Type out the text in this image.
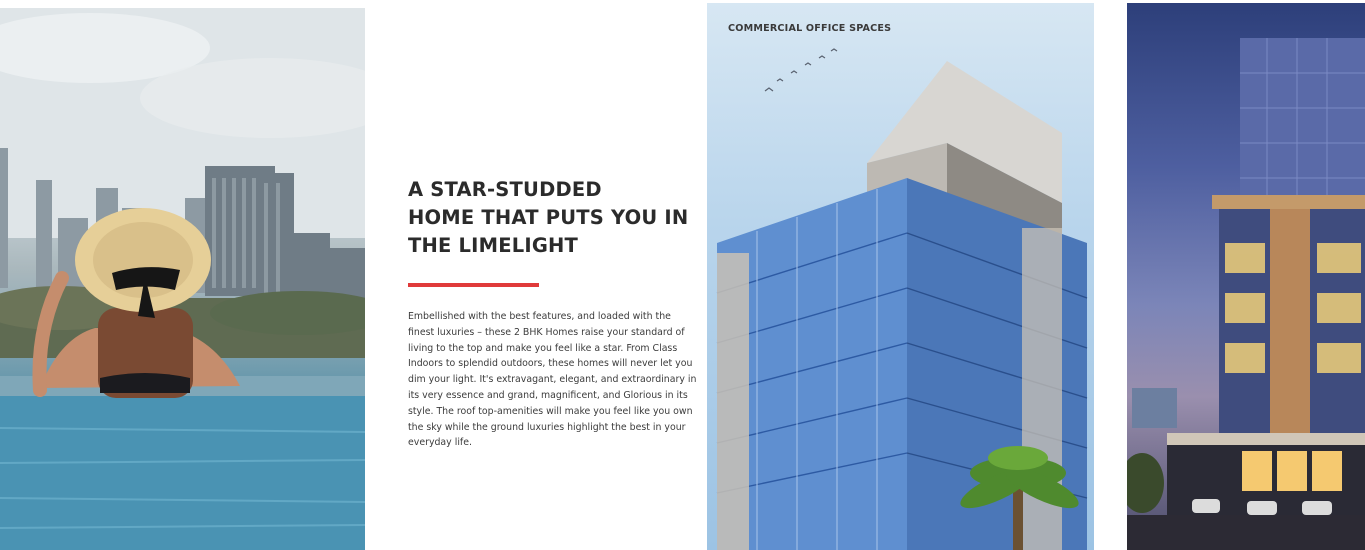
A STAR-STUDDED
HOME THAT PUTS YOU IN
THE LIMELIGHT

Embellished with the best features, and loaded with the
finest luxuries – these 2 BHK Homes raise your standard of
living to the top and make you feel like a star. From Class
Indoors to splendid outdoors, these homes will never let you
dim your light. It's extravagant, elegant, and extraordinary in
its very essence and grand, magnificent, and Glorious in its
style. The roof top-amenities will make you feel like you own
the sky while the ground luxuries highlight the best in your
everyday life.

COMMERCIAL OFFICE SPACES
